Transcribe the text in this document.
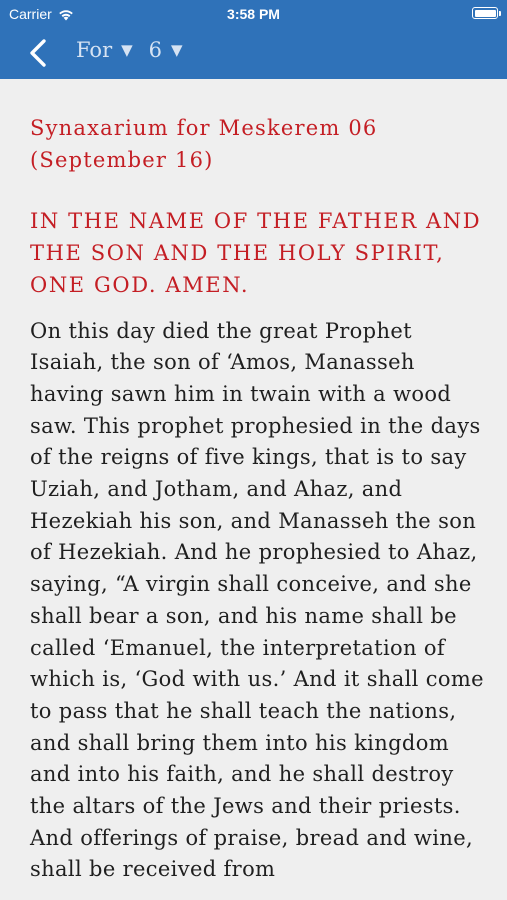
Carrier	3:58 PM
For ▼ 6 ▼
Synaxarium for Meskerem 06 (September 16)
IN THE NAME OF THE FATHER AND THE SON AND THE HOLY SPIRIT, ONE GOD. AMEN.

On this day died the great Prophet Isaiah, the son of ‘Amos, Manasseh having sawn him in twain with a wood saw. This prophet prophesied in the days of the reigns of five kings, that is to say Uziah, and Jotham, and Ahaz, and Hezekiah his son, and Manasseh the son of Hezekiah. And he prophesied to Ahaz, saying, “A virgin shall conceive, and she shall bear a son, and his name shall be called ‘Emanuel, the interpretation of which is, ‘God with us.’ And it shall come to pass that he shall teach the nations, and shall bring them into his kingdom and into his faith, and he shall destroy the altars of the Jews and their priests. And offerings of praise, bread and wine, shall be received from
